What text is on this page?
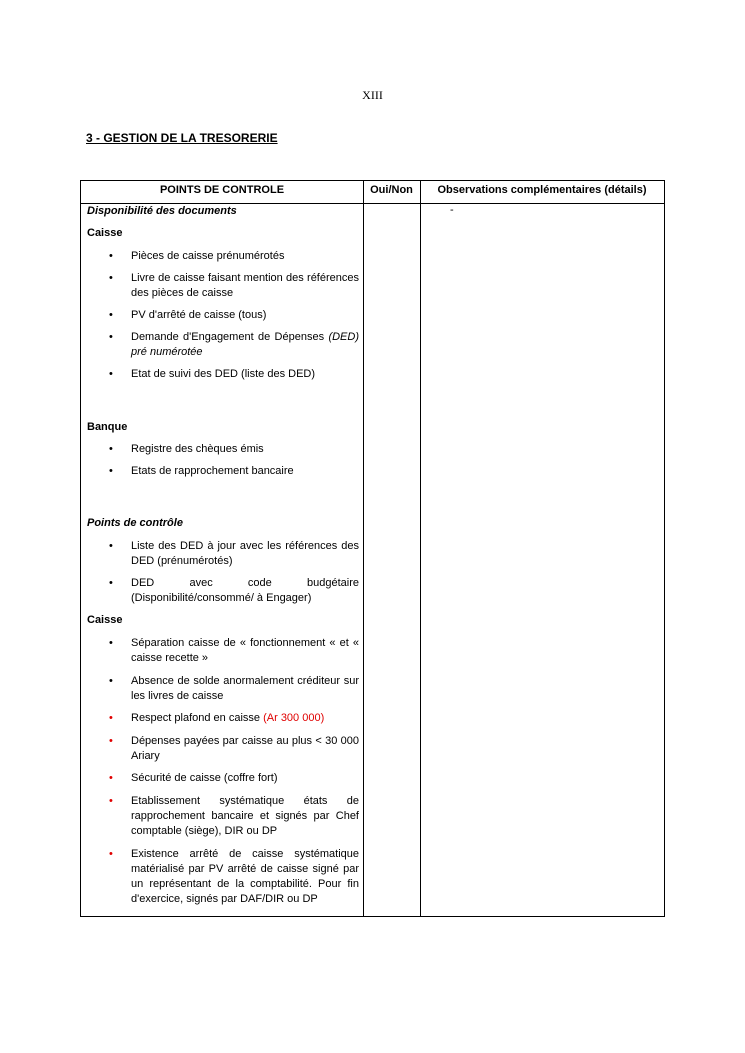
XIII
3 - GESTION DE LA TRESORERIE
POINTS DE CONTROLE	Oui/Non	Observations complémentaires (détails)
-

Disponibilité des documents

Caisse

• Pièces de caisse prénumérotés
• Livre de caisse faisant mention des références des pièces de caisse
• PV d'arrêté de caisse (tous)
• Demande d'Engagement de Dépenses (DED) pré numérotée
• Etat de suivi des DED (liste des DED)

Banque

• Registre des chèques émis
• Etats de rapprochement bancaire

Points de contrôle

• Liste des DED à jour avec les références des DED (prénumérotés)
• DED avec code budgétaire (Disponibilité/consommé/ à Engager)

Caisse

• Séparation caisse de « fonctionnement « et « caisse recette »
• Absence de solde anormalement créditeur sur les livres de caisse
• Respect plafond en caisse (Ar 300 000)
• Dépenses payées par caisse au plus < 30 000 Ariary
• Sécurité de caisse (coffre fort)
• Etablissement systématique états de rapprochement bancaire et signés par Chef comptable (siège), DIR ou DP
• Existence arrêté de caisse systématique matérialisé par PV arrêté de caisse signé par un représentant de la comptabilité. Pour fin d'exercice, signés par DAF/DIR ou DP
